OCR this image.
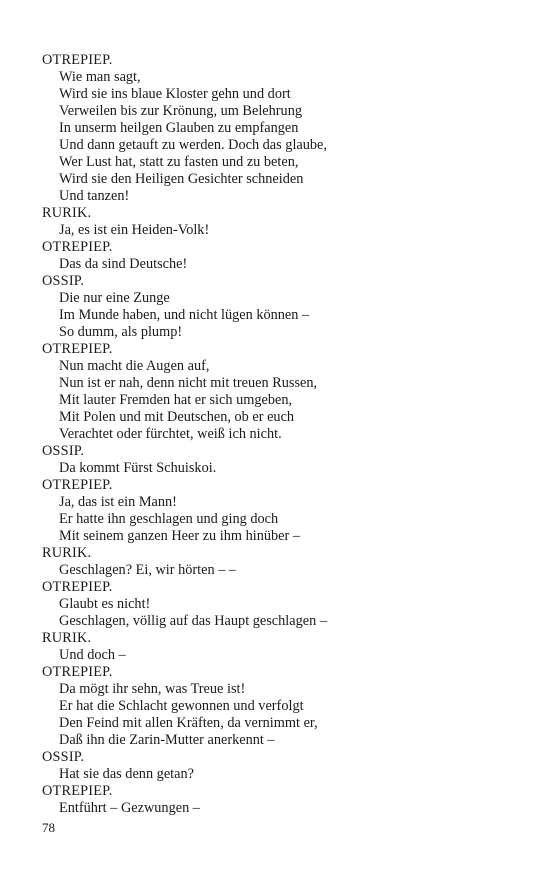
OTREPIEP.
Wie man sagt,
Wird sie ins blaue Kloster gehn und dort
Verweilen bis zur Krönung, um Belehrung
In unserm heilgen Glauben zu empfangen
Und dann getauft zu werden. Doch das glaube,
Wer Lust hat, statt zu fasten und zu beten,
Wird sie den Heiligen Gesichter schneiden
Und tanzen!
RURIK.
Ja, es ist ein Heiden-Volk!
OTREPIEP.
Das da sind Deutsche!
OSSIP.
Die nur eine Zunge
Im Munde haben, und nicht lügen können –
So dumm, als plump!
OTREPIEP.
Nun macht die Augen auf,
Nun ist er nah, denn nicht mit treuen Russen,
Mit lauter Fremden hat er sich umgeben,
Mit Polen und mit Deutschen, ob er euch
Verachtet oder fürchtet, weiß ich nicht.
OSSIP.
Da kommt Fürst Schuiskoi.
OTREPIEP.
Ja, das ist ein Mann!
Er hatte ihn geschlagen und ging doch
Mit seinem ganzen Heer zu ihm hinüber –
RURIK.
Geschlagen? Ei, wir hörten – –
OTREPIEP.
Glaubt es nicht!
Geschlagen, völlig auf das Haupt geschlagen –
RURIK.
Und doch –
OTREPIEP.
Da mögt ihr sehn, was Treue ist!
Er hat die Schlacht gewonnen und verfolgt
Den Feind mit allen Kräften, da vernimmt er,
Daß ihn die Zarin-Mutter anerkennt –
OSSIP.
Hat sie das denn getan?
OTREPIEP.
Entführt – Gezwungen –
78
